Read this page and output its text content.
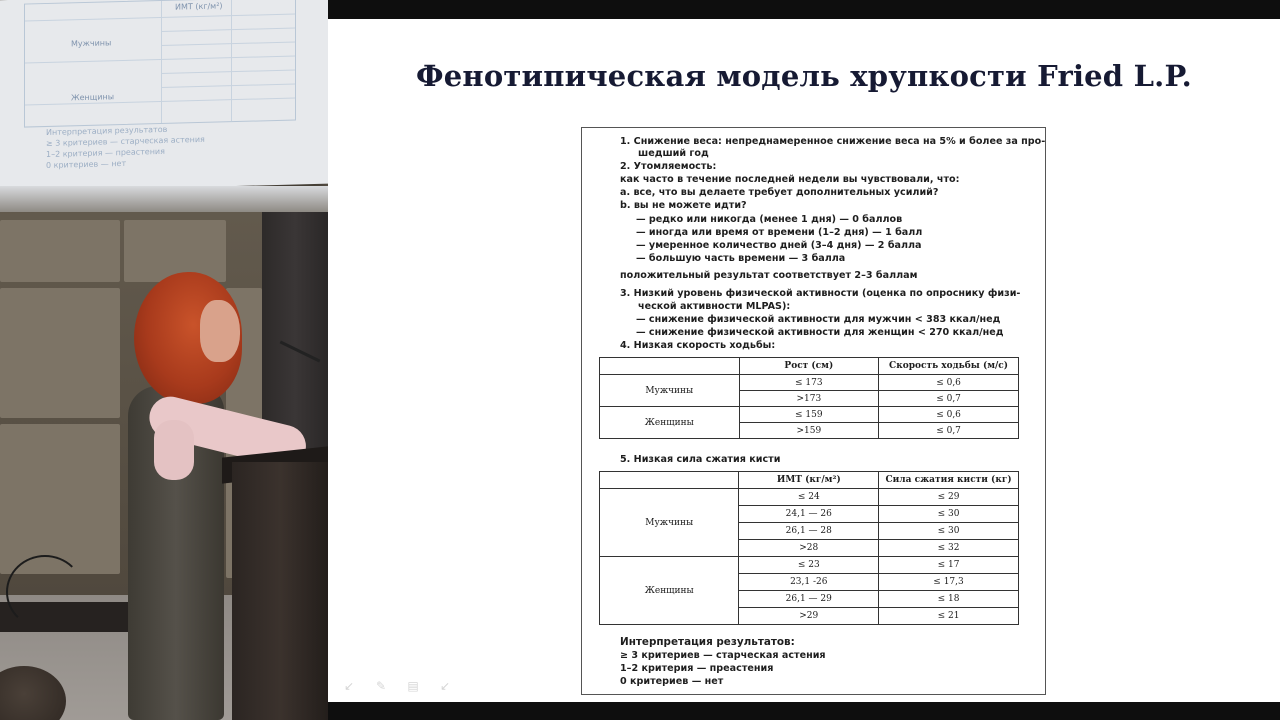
ИМТ (кг/м²)
Мужчины
Женщины
Интерпретация результатов
≥ 3 критериев — старческая астения
1–2 критерия — преастения
0 критериев — нет
Фенотипическая модель хрупкости Fried L.P.
1. Снижение веса: непреднамеренное снижение веса на 5% и более за про-
шедший год
2. Утомляемость:
как часто в течение последней недели вы чувствовали, что:
a. все, что вы делаете требует дополнительных усилий?
b. вы не можете идти?
— редко или никогда (менее 1 дня) — 0 баллов
— иногда или время от времени (1–2 дня) — 1 балл
— умеренное количество дней (3–4 дня) — 2 балла
— большую часть времени — 3 балла
положительный результат соответствует 2–3 баллам
3. Низкий уровень физической активности (оценка по опроснику физи-
ческой активности MLPAS):
— снижение физической активности для мужчин < 383 ккал/нед
— снижение физической активности для женщин < 270 ккал/нед
4. Низкая скорость ходьбы:
	Рост (см)	Скорость ходьбы (м/с)
Мужчины	≤ 173	≤ 0,6
	>173	≤ 0,7
Женщины	≤ 159	≤ 0,6
	>159	≤ 0,7
5. Низкая сила сжатия кисти
	ИМТ (кг/м²)	Сила сжатия кисти (кг)
Мужчины	≤ 24	≤ 29
	24,1 — 26	≤ 30
	26,1 — 28	≤ 30
	>28	≤ 32
Женщины	≤ 23	≤ 17
	23,1 -26	≤ 17,3
	26,1 — 29	≤ 18
	>29	≤ 21
Интерпретация результатов:
≥ 3 критериев — старческая астения
1–2 критерия — преастения
0 критериев — нет
↙	✎	▤	↙
